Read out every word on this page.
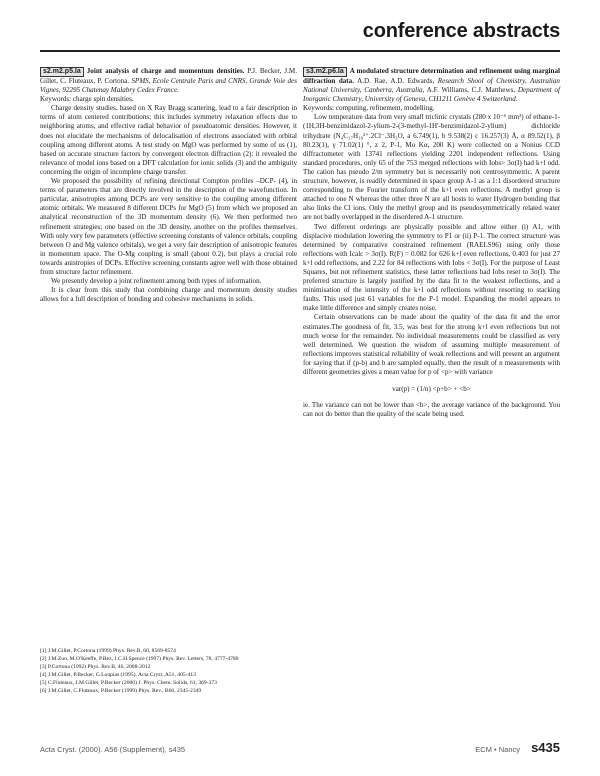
conference abstracts

s2.m2.p5.Ia Joint analysis of charge and momentum densities. P.J. Becker, J.M. Gillet, C. Fluteaux, P. Cortona. SPMS, Ecole Centrale Paris and CNRS, Grande Voie des Vignes, 92295 Chatenay Malabry Cedex France.

Keywords: charge spin densities.

Charge density studies, based on X Ray Bragg scattering, lead to a fair description in terms of atom centered contributions; this includes symmetry relaxation effects due to neighboring atoms, and effective radial behavior of pseudoatomic densities. However, it does not elucidate the mechanisms of delocalisation of electrons associated with orbital coupling among different atoms. A test study on MgO was performed by some of us (1), based on accurate structure factors by convergent electron diffraction (2): it revealed the relevance of model ions based on a DFT calculation for ionic solids (3) and the ambiguity concerning the origin of incomplete charge transfer.

We proposed the possibility of refining directional Compton profiles –DCP- (4), in terms of parameters that are directly involved in the description of the wavefunction. In particular, anisotropies among DCPs are very sensitive to the coupling among different atomic orbitals. We measured 8 different DCPs for MgO (5) from which we proposed an analytical reconstruction of the 3D momentum density (6). We then performed two refinement strategies; one based on the 3D density, another on the profiles themselves. With only very few parameters (effective screening constants of valence orbitals, coupling between O and Mg valence orbitals), we get a very fair description of anisotropic features in momentum space. The O-Mg coupling is small (about 0.2), but plays a crucial role towards anistropies of DCPs. Effective screening constants agree well with those obtained from structure factor refinement.

We presently develop a joint refinement among both types of information.

It is clear from this study that combining charge and momentum density studies allows for a full description of bonding and cohesive mechanisms in solids.

[1] J.M.Gillet, P.Cortona (1999) Phys. Rev.B, 60, 8569-8574
[2] J.M.Zuo, M.O'Keeffe, P.Rez, J.C.H.Spence (1997) Phys. Rev. Letters, 78, 4777-4780
[3] P.Cortona (1992) Phys. Rev.B, 46, 2008-2012
[4] J.M.Gillet, P.Becker, G.Loupias (1995), Acta Cryst.,A51, 405-413
[5] C.Fluteaux, J.M.Gillet, P.Becker (2000) J. Phys. Chem. Solids, 61, 369-373
[6] J.M.Gillet, C.Fluteaux, P.Becker (1999) Phys. Rev., B60, 2345-2349

s3.m2.p6.Ia A modulated structure determination and refinement using marginal diffraction data. A.D. Rae, A.D. Edwards, Research Shool of Chemistry, Australian National University, Canberra, Australia, A.F. Williams, C.J. Matthews, Department of Inorganic Chemistry, University of Geneva, CH1211 Genève 4 Switzerland.

Keywords: computing, refinement, modelling.

Low temperature data from very small triclinic crystals (280 x 10⁻⁶ mm³) of ethane-1-(1H,3H-benzimidazol-2-ylium-2-(3-methyl-1H'-benzimidazol-2-ylium) dichloride trihydrate (N₄C₁₇H₁₈²⁺.2Cl⁻.3H₂O, a 6.749(1), b 9.538(2) c 16.257(3) Å, α 89.52(1), β 80.23(1), γ 71.02(1) °, z 2, P-1, Mo Kα, 200 K) were collected on a Nonius CCD diffractometer with 13741 reflections yielding 2201 independent reflections. Using standard procedures, only 65 of the 753 merged reflections with Iobs> 3σ(I) had k+l odd. The cation has pseudo 2/m symmetry but is necessarily non centrosymmetric. A parent structure, however, is readily determined in space group A-1 as a 1:1 disordered structure corresponding to the Fourier transform of the k+l even reflections. A methyl group is attached to one N whereas the other three N are all hosts to water Hydrogen bonding that also links the Cl ions. Only the methyl group and its pseudosymmetrically related water are not badly overlapped in the disordered A-1 structure.

Two different orderings are physically possible and allow either (i) A1, with displacive modulation lowering the symmetry to P1 or (ii) P-1. The correct structure was determined by comparative constrained refinement (RAELS96) using only those reflections with Icalc > 3σ(I). R(F) = 0.082 for 626 k+l even reflections, 0.403 for just 27 k+l odd reflections, and 2.22 for 84 reflections with Iobs < 3σ(I). For the purpose of Least Squares, but not refinement statistics, these latter reflections had Iobs reset to 3σ(I). The preferred structure is largely justified by the data fit to the weakest reflections, and a minimisation of the intensity of the k+l odd reflections without resorting to stacking faults. This used just 61 variables for the P-1 model. Expanding the model appears to make little difference and simply creates noise.

Certain observations can be made about the quality of the data fit and the error estimates.The goodness of fit, 3.5, was best for the strong k+l even reflections but not much worse for the remainder. No individual measurements could be classified as very well determined. We question the wisdom of assuming multiple measurement of reflections improves statistical reliability of weak reflections and will present an argument for saying that if (p-b) and b are sampled equally, then the result of n measurements with different geometries gives a mean value for p of <p> with variance

var(p) = (1/n) <p+b> + <b>

ie. The variance can not be lower than <b>, the average variance of the background. You can not do better than the quality of the scale being used.

Acta Cryst. (2000). A56 (Supplement), s435	ECM • Nancy s435
